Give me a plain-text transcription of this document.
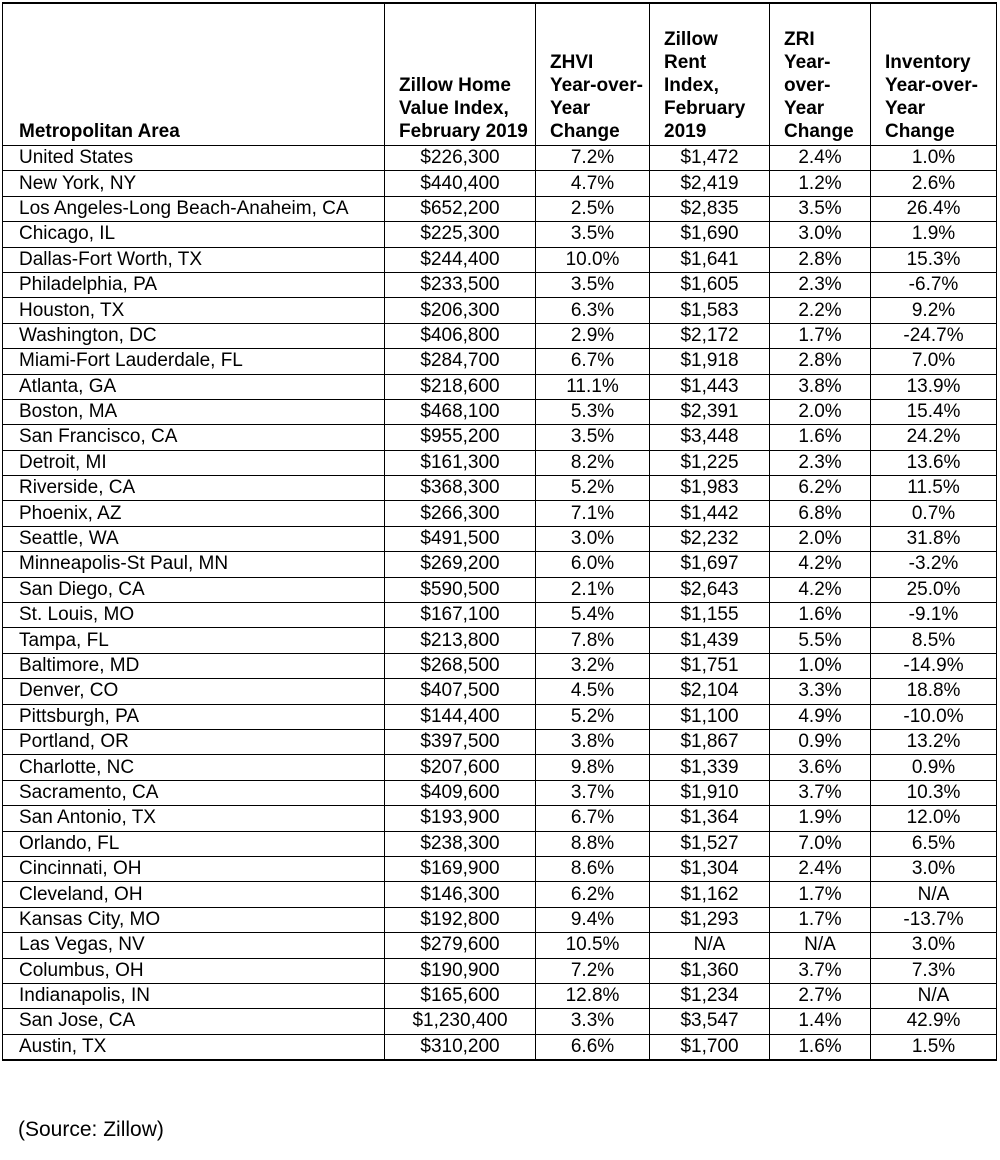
Metropolitan Area	Zillow Home Value Index, February 2019	ZHVI Year-over-Year Change	Zillow Rent Index, February 2019	ZRI Year-over-Year Change	Inventory Year-over-Year Change
United States	$226,300	7.2%	$1,472	2.4%	1.0%
New York, NY	$440,400	4.7%	$2,419	1.2%	2.6%
Los Angeles-Long Beach-Anaheim, CA	$652,200	2.5%	$2,835	3.5%	26.4%
Chicago, IL	$225,300	3.5%	$1,690	3.0%	1.9%
Dallas-Fort Worth, TX	$244,400	10.0%	$1,641	2.8%	15.3%
Philadelphia, PA	$233,500	3.5%	$1,605	2.3%	-6.7%
Houston, TX	$206,300	6.3%	$1,583	2.2%	9.2%
Washington, DC	$406,800	2.9%	$2,172	1.7%	-24.7%
Miami-Fort Lauderdale, FL	$284,700	6.7%	$1,918	2.8%	7.0%
Atlanta, GA	$218,600	11.1%	$1,443	3.8%	13.9%
Boston, MA	$468,100	5.3%	$2,391	2.0%	15.4%
San Francisco, CA	$955,200	3.5%	$3,448	1.6%	24.2%
Detroit, MI	$161,300	8.2%	$1,225	2.3%	13.6%
Riverside, CA	$368,300	5.2%	$1,983	6.2%	11.5%
Phoenix, AZ	$266,300	7.1%	$1,442	6.8%	0.7%
Seattle, WA	$491,500	3.0%	$2,232	2.0%	31.8%
Minneapolis-St Paul, MN	$269,200	6.0%	$1,697	4.2%	-3.2%
San Diego, CA	$590,500	2.1%	$2,643	4.2%	25.0%
St. Louis, MO	$167,100	5.4%	$1,155	1.6%	-9.1%
Tampa, FL	$213,800	7.8%	$1,439	5.5%	8.5%
Baltimore, MD	$268,500	3.2%	$1,751	1.0%	-14.9%
Denver, CO	$407,500	4.5%	$2,104	3.3%	18.8%
Pittsburgh, PA	$144,400	5.2%	$1,100	4.9%	-10.0%
Portland, OR	$397,500	3.8%	$1,867	0.9%	13.2%
Charlotte, NC	$207,600	9.8%	$1,339	3.6%	0.9%
Sacramento, CA	$409,600	3.7%	$1,910	3.7%	10.3%
San Antonio, TX	$193,900	6.7%	$1,364	1.9%	12.0%
Orlando, FL	$238,300	8.8%	$1,527	7.0%	6.5%
Cincinnati, OH	$169,900	8.6%	$1,304	2.4%	3.0%
Cleveland, OH	$146,300	6.2%	$1,162	1.7%	N/A
Kansas City, MO	$192,800	9.4%	$1,293	1.7%	-13.7%
Las Vegas, NV	$279,600	10.5%	N/A	N/A	3.0%
Columbus, OH	$190,900	7.2%	$1,360	3.7%	7.3%
Indianapolis, IN	$165,600	12.8%	$1,234	2.7%	N/A
San Jose, CA	$1,230,400	3.3%	$3,547	1.4%	42.9%
Austin, TX	$310,200	6.6%	$1,700	1.6%	1.5%
(Source: Zillow)
